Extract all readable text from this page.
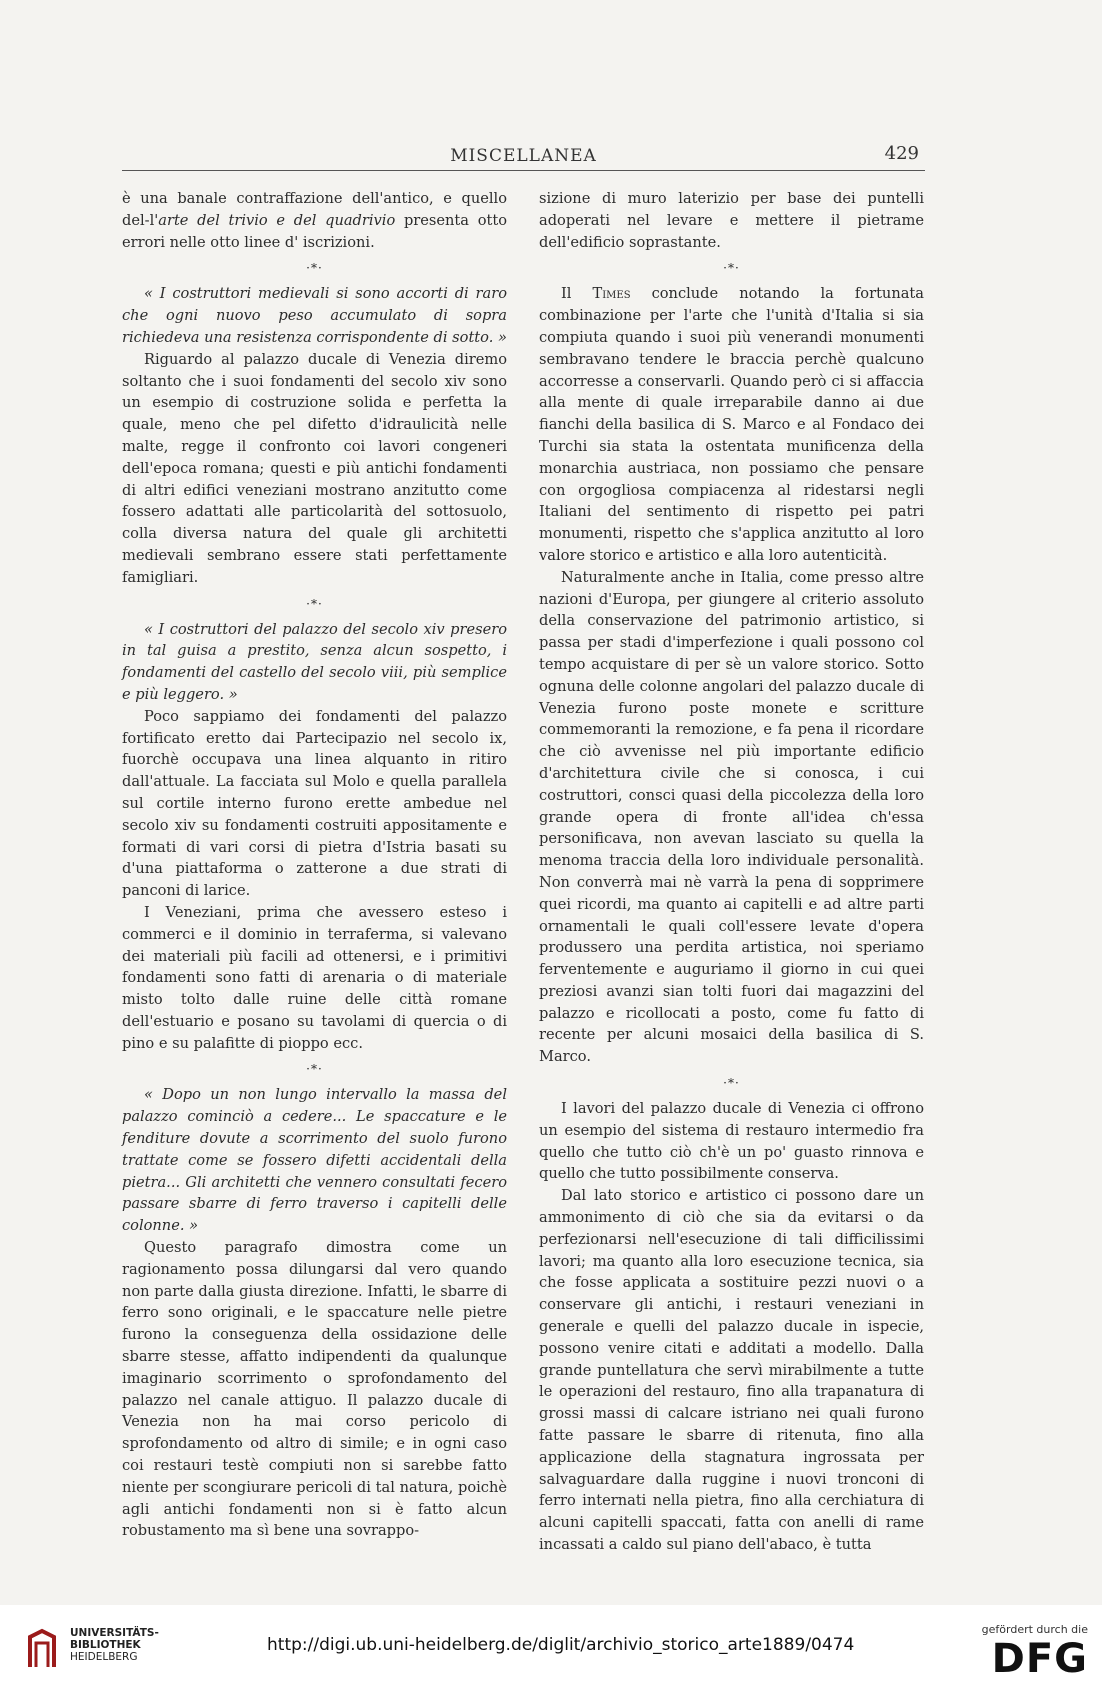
MISCELLANEA	429

è una banale contraffazione dell'antico, e quello del-l'arte del trivio e del quadrivio presenta otto errori nelle otto linee d' iscrizioni.

·*·

« I costruttori medievali si sono accorti di raro che ogni nuovo peso accumulato di sopra richiedeva una resistenza corrispondente di sotto. »

Riguardo al palazzo ducale di Venezia diremo soltanto che i suoi fondamenti del secolo xiv sono un esempio di costruzione solida e perfetta la quale, meno che pel difetto d'idraulicità nelle malte, regge il confronto coi lavori congeneri dell'epoca romana; questi e più antichi fondamenti di altri edifici veneziani mostrano anzitutto come fossero adattati alle particolarità del sottosuolo, colla diversa natura del quale gli architetti medievali sembrano essere stati perfettamente famigliari.

·*·

« I costruttori del palazzo del secolo xiv presero in tal guisa a prestito, senza alcun sospetto, i fondamenti del castello del secolo viii, più semplice e più leggero. »

Poco sappiamo dei fondamenti del palazzo fortificato eretto dai Partecipazio nel secolo ix, fuorchè occupava una linea alquanto in ritiro dall'attuale. La facciata sul Molo e quella parallela sul cortile interno furono erette ambedue nel secolo xiv su fondamenti costruiti appositamente e formati di vari corsi di pietra d'Istria basati su d'una piattaforma o zatterone a due strati di panconi di larice.

I Veneziani, prima che avessero esteso i commerci e il dominio in terraferma, si valevano dei materiali più facili ad ottenersi, e i primitivi fondamenti sono fatti di arenaria o di materiale misto tolto dalle ruine delle città romane dell'estuario e posano su tavolami di quercia o di pino e su palafitte di pioppo ecc.

·*·

« Dopo un non lungo intervallo la massa del palazzo cominciò a cedere... Le spaccature e le fenditure dovute a scorrimento del suolo furono trattate come se fossero difetti accidentali della pietra... Gli architetti che vennero consultati fecero passare sbarre di ferro traverso i capitelli delle colonne. »

Questo paragrafo dimostra come un ragionamento possa dilungarsi dal vero quando non parte dalla giusta direzione. Infatti, le sbarre di ferro sono originali, e le spaccature nelle pietre furono la conseguenza della ossidazione delle sbarre stesse, affatto indipendenti da qualunque imaginario scorrimento o sprofondamento del palazzo nel canale attiguo. Il palazzo ducale di Venezia non ha mai corso pericolo di sprofondamento od altro di simile; e in ogni caso coi restauri testè compiuti non si sarebbe fatto niente per scongiurare pericoli di tal natura, poichè agli antichi fondamenti non si è fatto alcun robustamento ma sì bene una sovrappo-

sizione di muro laterizio per base dei puntelli adoperati nel levare e mettere il pietrame dell'edificio soprastante.

·*·

Il Times conclude notando la fortunata combinazione per l'arte che l'unità d'Italia si sia compiuta quando i suoi più venerandi monumenti sembravano tendere le braccia perchè qualcuno accorresse a conservarli. Quando però ci si affaccia alla mente di quale irreparabile danno ai due fianchi della basilica di S. Marco e al Fondaco dei Turchi sia stata la ostentata munificenza della monarchia austriaca, non possiamo che pensare con orgogliosa compiacenza al ridestarsi negli Italiani del sentimento di rispetto pei patri monumenti, rispetto che s'applica anzitutto al loro valore storico e artistico e alla loro autenticità.

Naturalmente anche in Italia, come presso altre nazioni d'Europa, per giungere al criterio assoluto della conservazione del patrimonio artistico, si passa per stadi d'imperfezione i quali possono col tempo acquistare di per sè un valore storico. Sotto ognuna delle colonne angolari del palazzo ducale di Venezia furono poste monete e scritture commemoranti la remozione, e fa pena il ricordare che ciò avvenisse nel più importante edificio d'architettura civile che si conosca, i cui costruttori, consci quasi della piccolezza della loro grande opera di fronte all'idea ch'essa personificava, non avevan lasciato su quella la menoma traccia della loro individuale personalità. Non converrà mai nè varrà la pena di sopprimere quei ricordi, ma quanto ai capitelli e ad altre parti ornamentali le quali coll'essere levate d'opera produssero una perdita artistica, noi speriamo ferventemente e auguriamo il giorno in cui quei preziosi avanzi sian tolti fuori dai magazzini del palazzo e ricollocati a posto, come fu fatto di recente per alcuni mosaici della basilica di S. Marco.

·*·

I lavori del palazzo ducale di Venezia ci offrono un esempio del sistema di restauro intermedio fra quello che tutto ciò ch'è un po' guasto rinnova e quello che tutto possibilmente conserva.

Dal lato storico e artistico ci possono dare un ammonimento di ciò che sia da evitarsi o da perfezionarsi nell'esecuzione di tali difficilissimi lavori; ma quanto alla loro esecuzione tecnica, sia che fosse applicata a sostituire pezzi nuovi o a conservare gli antichi, i restauri veneziani in generale e quelli del palazzo ducale in ispecie, possono venire citati e additati a modello. Dalla grande puntellatura che servì mirabilmente a tutte le operazioni del restauro, fino alla trapanatura di grossi massi di calcare istriano nei quali furono fatte passare le sbarre di ritenuta, fino alla applicazione della stagnatura ingrossata per salvaguardare dalla ruggine i nuovi tronconi di ferro internati nella pietra, fino alla cerchiatura di alcuni capitelli spaccati, fatta con anelli di rame incassati a caldo sul piano dell'abaco, è tutta

UNIVERSITÄTS-
BIBLIOTHEK
HEIDELBERG
http://digi.ub.uni-heidelberg.de/diglit/archivio_storico_arte1889/0474
gefördert durch die
DFG
